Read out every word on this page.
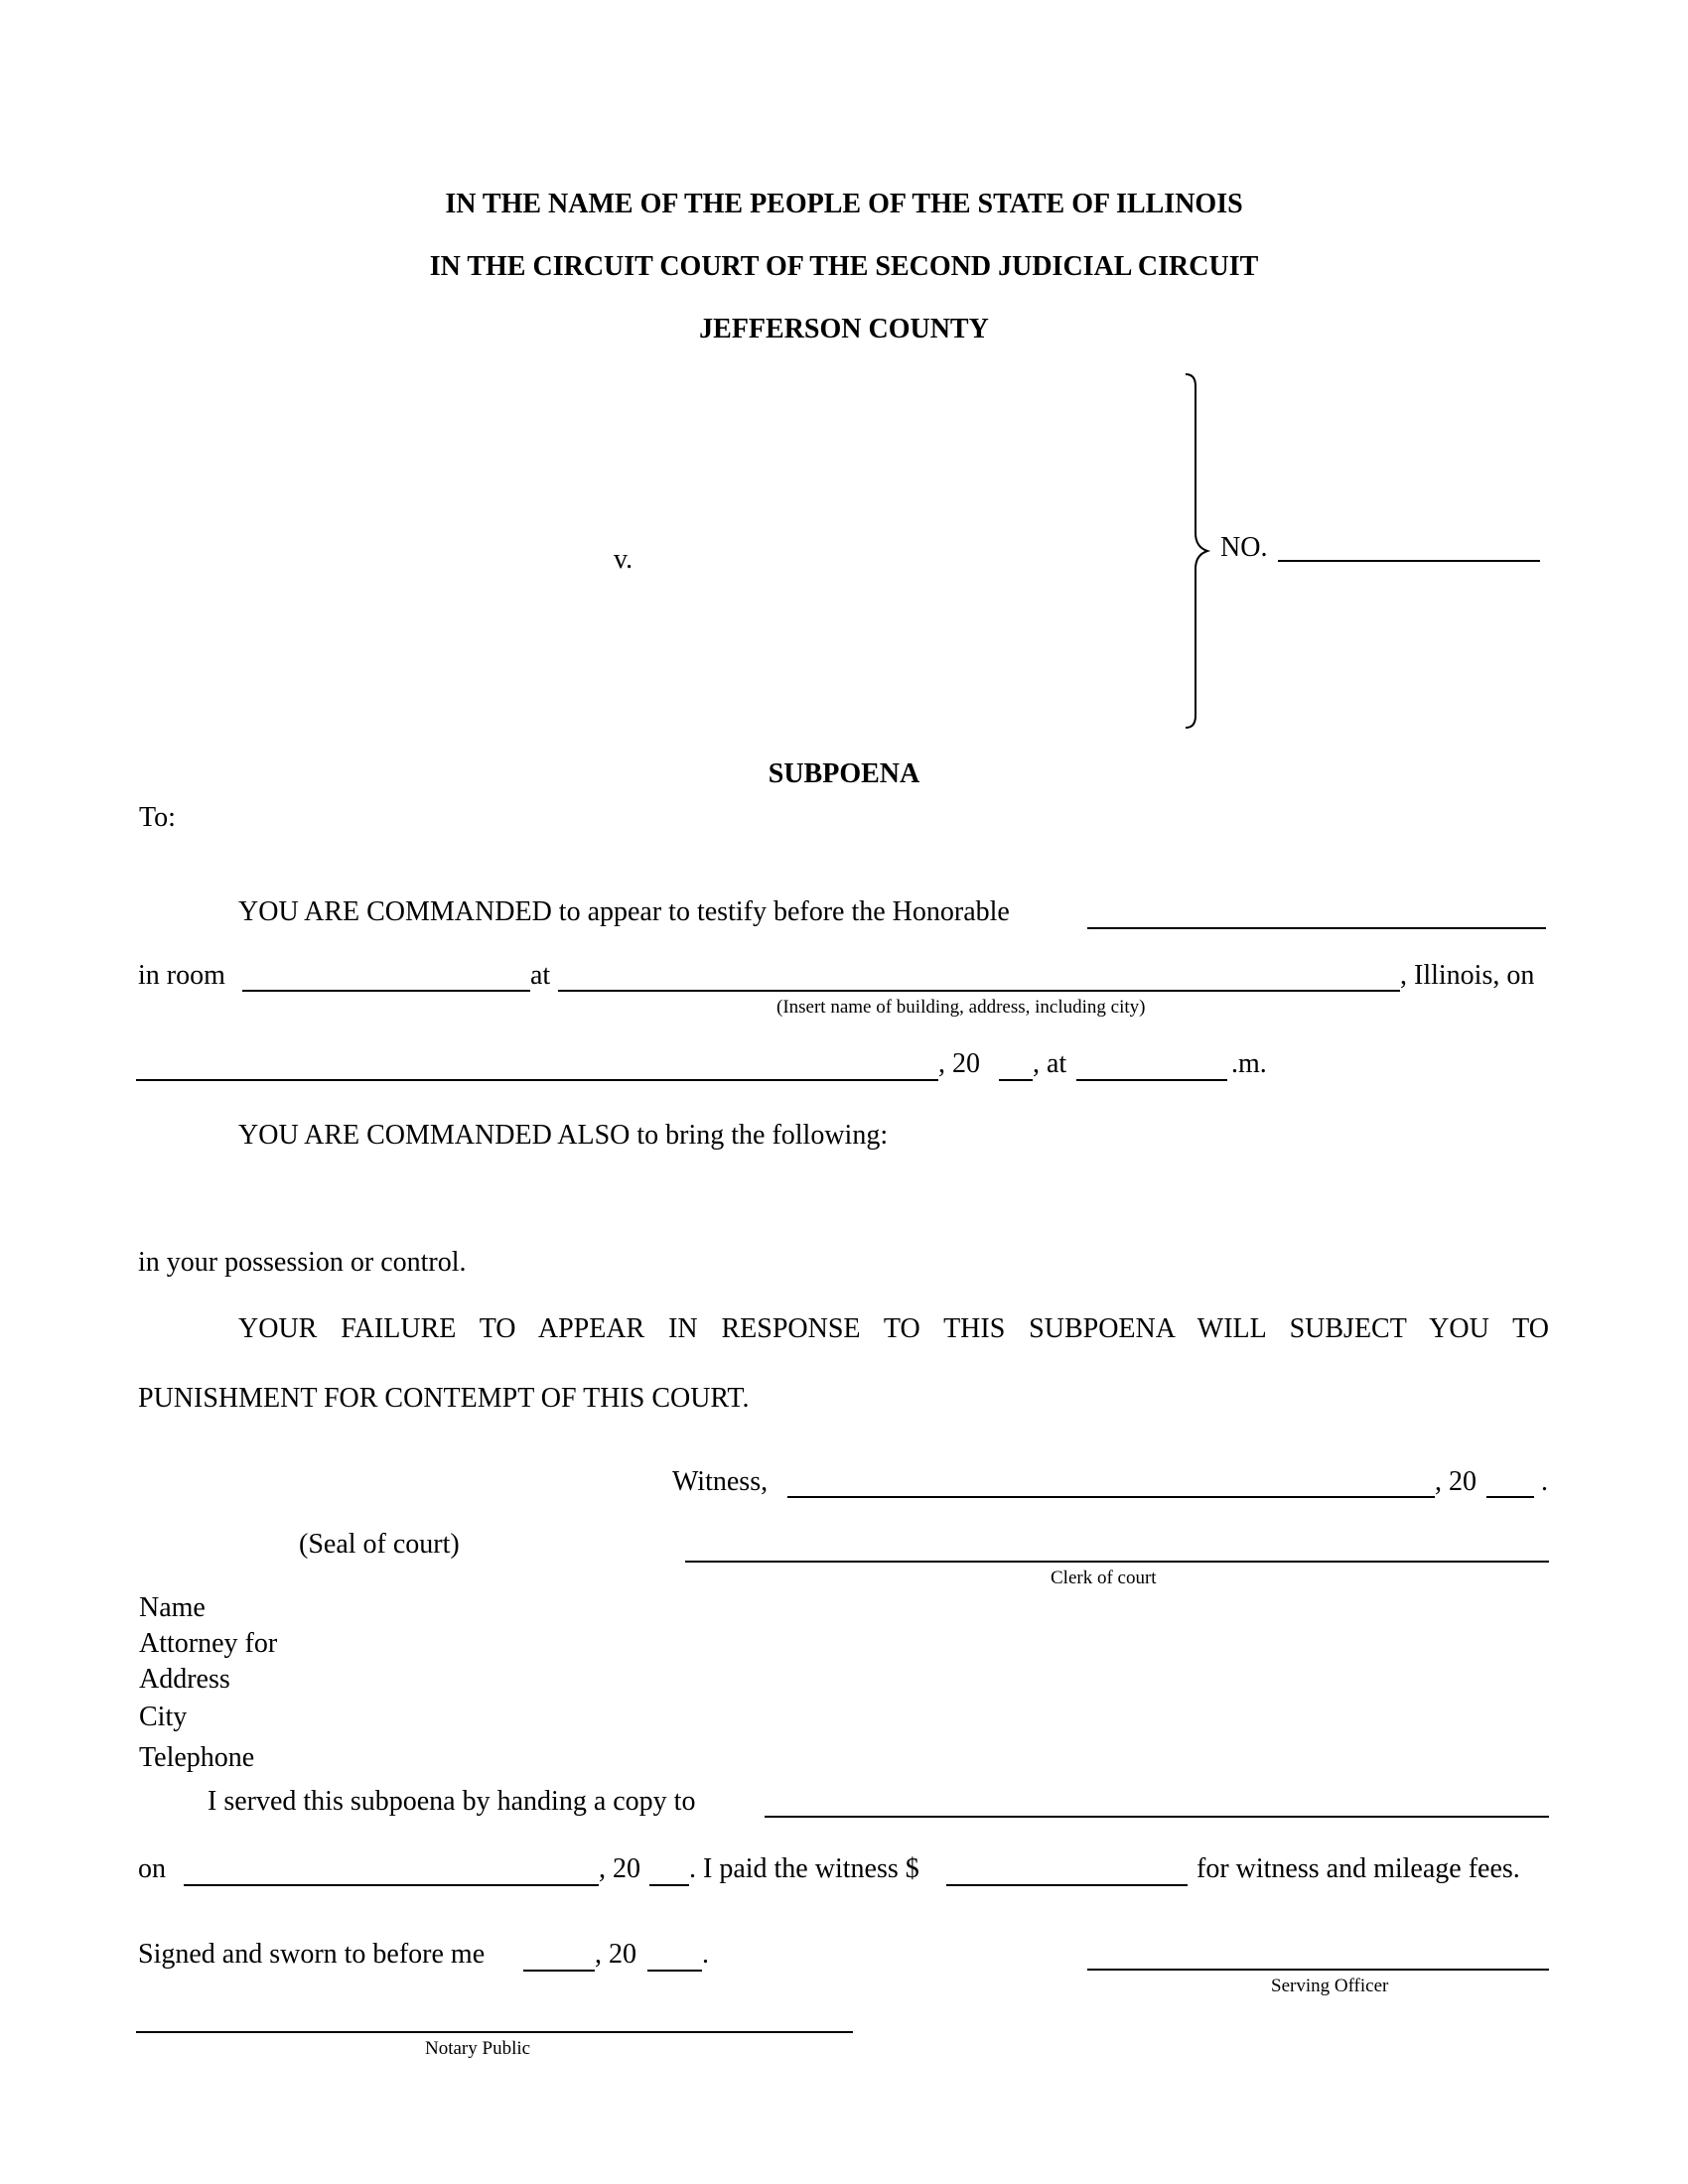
IN THE NAME OF THE PEOPLE OF THE STATE OF ILLINOIS
IN THE CIRCUIT COURT OF THE SECOND JUDICIAL CIRCUIT
JEFFERSON COUNTY
v.	NO.
SUBPOENA
To:
YOU ARE COMMANDED to appear to testify before the Honorable
in room	at	, Illinois, on
(Insert name of building, address, including city)
, 20 , at	.m.
YOU ARE COMMANDED ALSO to bring the following:
in your possession or control.
YOUR FAILURE TO APPEAR IN RESPONSE TO THIS SUBPOENA WILL SUBJECT YOU TO
PUNISHMENT FOR CONTEMPT OF THIS COURT.
Witness,	, 20 .
(Seal of court)
Clerk of court
Name
Attorney for
Address
City
Telephone
I served this subpoena by handing a copy to
on	, 20 . I paid the witness $	for witness and mileage fees.
Signed and sworn to before me	, 20 .
Serving Officer
Notary Public
